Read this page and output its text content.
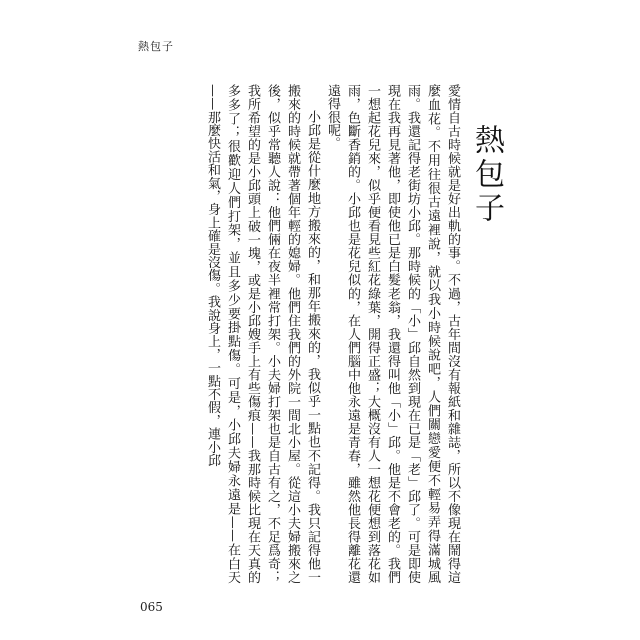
熱包子
熱包子

愛情自古時候就是好出軌的事。不過，古年間沒有報紙和雜誌，所以不像現在鬧得這麼血花。不用往很古遠裡說，就以我小時候說吧，人們關戀愛便不輕易弄得滿城風雨。我還記得老街坊小邱。那時候的「小」邱自然到現在已是「老」邱了。可是即使現在我再見著他，即使他已是白髮老翁，我還得叫他「小」邱。他是不會老的。我們一想起花兒來，似乎便看見些紅花綠葉，開得正盛；大概沒有人一想花便想到落花如雨，色斷香銷的。小邱也是花兒似的，在人們腦中他永遠是青春，雖然他長得離花還遠得很呢。

小邱是從什麼地方搬來的，和那年搬來的，我似乎一點也不記得。我只記得他一搬來的時候就帶著個年輕的媳婦。他們住我們的外院一間北小屋。從這小夫婦搬來之後，似乎常聽人說：他們倆在夜半裡常打架。小夫婦打架也是自古有之，不足爲奇；我所希望的是小邱頭上破一塊，或是小邱嫂手上有些傷痕——我那時候比現在天真的多多了；很歡迎人們打架，並且多少要掛點傷。可是，小邱夫婦永遠是——在白天——那麼快活和氣，身上確是沒傷。我說身上，一點不假，連小邱

065
